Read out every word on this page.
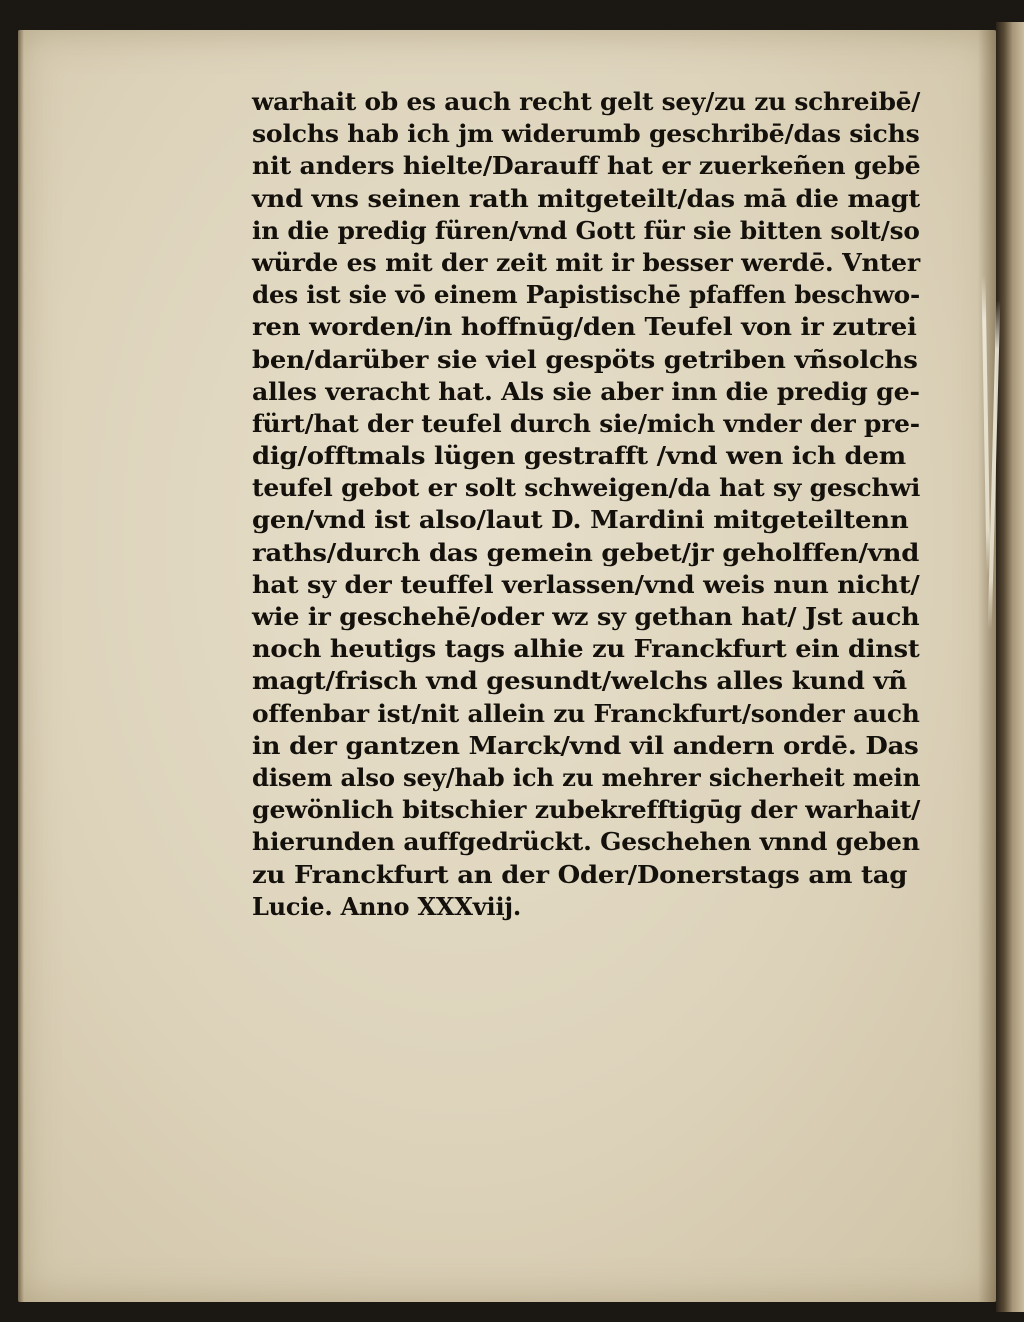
warhait ob es auch recht gelt sey/zu zu schreibē/
solchs hab ich jm widerumb geschribē/das sichs
nit anders hielte/Darauff hat er zuerkeñen gebē
vnd vns seinen rath mitgeteilt/das mā die magt
in die predig füren/vnd Gott für sie bitten solt/so
würde es mit der zeit mit ir besser werdē. Vnter
des ist sie vō einem Papistischē pfaffen beschwo-
ren worden/in hoffnūg/den Teufel von ir zutrei
ben/darüber sie viel gespöts getriben vñsolchs
alles veracht hat. Als sie aber inn die predig ge-
fürt/hat der teufel durch sie/mich vnder der pre-
dig/offtmals lügen gestrafft /vnd wen ich dem
teufel gebot er solt schweigen/da hat sy geschwi
gen/vnd ist also/laut D. Mardini mitgeteiltenn
raths/durch das gemein gebet/jr geholffen/vnd
hat sy der teuffel verlassen/vnd weis nun nicht/
wie ir geschehē/oder wz sy gethan hat/ Jst auch
noch heutigs tags alhie zu Franckfurt ein dinst
magt/frisch vnd gesundt/welchs alles kund vñ
offenbar ist/nit allein zu Franckfurt/sonder auch
in der gantzen Marck/vnd vil andern ordē. Das
disem also sey/hab ich zu mehrer sicherheit mein
gewönlich bitschier zubekrefftigūg der warhait/
hierunden auffgedrückt. Geschehen vnnd geben
zu Franckfurt an der Oder/Donerstags am tag
Lucie. Anno XXXviij.
